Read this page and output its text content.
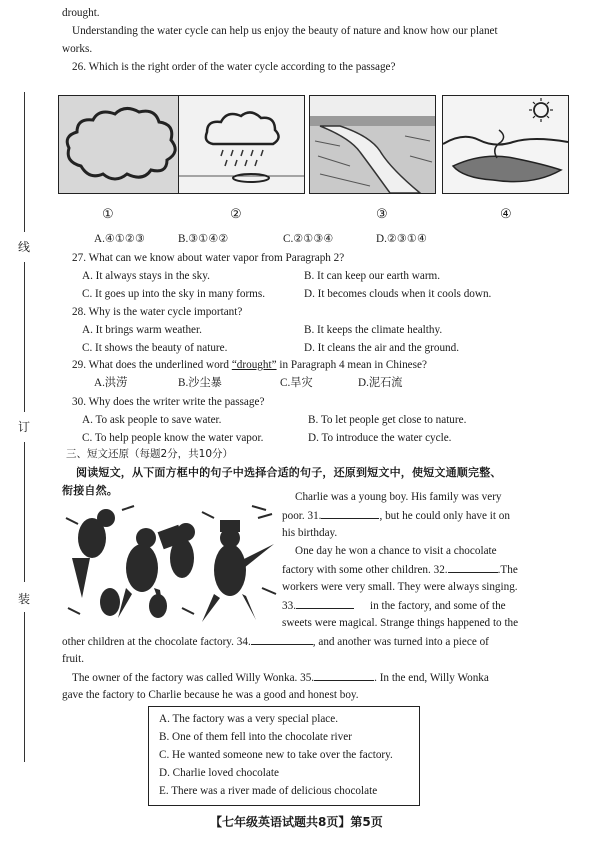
线
订
装
drought.
Understanding the water cycle can help us enjoy the beauty of nature and know how our planet
works.
26. Which is the right order of the water cycle according to the passage?
①	②	③	④
A.④①②③	B.③①④②	C.②①③④	D.②③①④
27. What can we know about water vapor from Paragraph 2?
A. It always stays in the sky.	B. It can keep our earth warm.
C. It goes up into the sky in many forms.	D. It becomes clouds when it cools down.
28. Why is the water cycle important?
A. It brings warm weather.	B. It keeps the climate healthy.
C. It shows the beauty of nature.	D. It cleans the air and the ground.
29. What does the underlined word “drought” in Paragraph 4 mean in Chinese?
A.洪涝	B.沙尘暴	C.旱灾	D.泥石流
30. Why does the writer write the passage?
A. To ask people to save water.	B. To let people get close to nature.
C. To help people know the water vapor.	D. To introduce the water cycle.
三、短文还原（每题2分，共10分）
阅读短文，从下面方框中的句子中选择合适的句子，还原到短文中，使短文通顺完整、
衔接自然。	Charlie was a young boy. His family was very
poor. 31.	, but he could only have it on
his birthday.
One day he won a chance to visit a chocolate
factory with some other children. 32.	.The
workers were very small. They were always singing.
33.	in the factory, and some of the
sweets were magical. Strange things happened to the
other children at the chocolate factory. 34.	, and another was turned into a piece of
fruit.
The owner of the factory was called Willy Wonka. 35.	. In the end, Willy Wonka
gave the factory to Charlie because he was a good and honest boy.
A. The factory was a very special place.
B. One of them fell into the chocolate river
C. He wanted someone new to take over the factory.
D. Charlie loved chocolate
E. There was a river made of delicious chocolate
【七年级英语试题共8页】第5页
